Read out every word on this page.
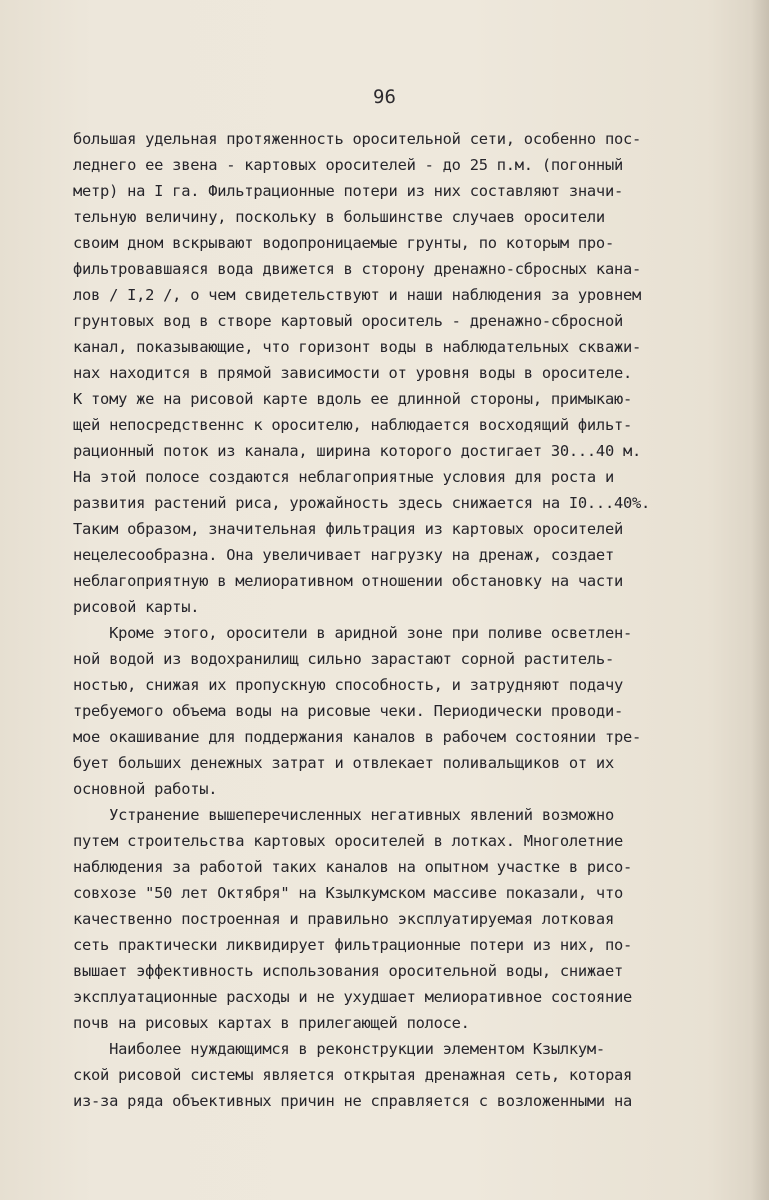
96
большая удельная протяженность оросительной сети, особенно пос-
леднего ее звена - картовых оросителей - до 25 п.м. (погонный
метр) на I га. Фильтрационные потери из них составляют значи-
тельную величину, поскольку в большинстве случаев оросители
своим дном вскрывают водопроницаемые грунты, по которым про-
фильтровавшаяся вода движется в сторону дренажно-сбросных кана-
лов / I,2 /, о чем свидетельствуют и наши наблюдения за уровнем
грунтовых вод в створе картовый ороситель - дренажно-сбросной
канал, показывающие, что горизонт воды в наблюдательных скважи-
нах находится в прямой зависимости от уровня воды в оросителе.
К тому же на рисовой карте вдоль ее длинной стороны, примыкаю-
щей непосредственнс к оросителю, наблюдается восходящий фильт-
рационный поток из канала, ширина которого достигает 30...40 м.
На этой полосе создаются неблагоприятные условия для роста и
развития растений риса, урожайность здесь снижается на I0...40%.
Таким образом, значительная фильтрация из картовых оросителей
нецелесообразна. Она увеличивает нагрузку на дренаж, создает
неблагоприятную в мелиоративном отношении обстановку на части
рисовой карты.
Кроме этого, оросители в аридной зоне при поливе осветлен-
ной водой из водохранилищ сильно зарастают сорной раститель-
ностью, снижая их пропускную способность, и затрудняют подачу
требуемого объема воды на рисовые чеки. Периодически проводи-
мое окашивание для поддержания каналов в рабочем состоянии тре-
бует больших денежных затрат и отвлекает поливальщиков от их
основной работы.
Устранение вышеперечисленных негативных явлений возможно
путем строительства картовых оросителей в лотках. Многолетние
наблюдения за работой таких каналов на опытном участке в рисо-
совхозе "50 лет Октября" на Кзылкумском массиве показали, что
качественно построенная и правильно эксплуатируемая лотковая
сеть практически ликвидирует фильтрационные потери из них, по-
вышает эффективность использования оросительной воды, снижает
эксплуатационные расходы и не ухудшает мелиоративное состояние
почв на рисовых картах в прилегающей полосе.
Наиболее нуждающимся в реконструкции элементом Кзылкум-
ской рисовой системы является открытая дренажная сеть, которая
из-за ряда объективных причин не справляется с возложенными на
